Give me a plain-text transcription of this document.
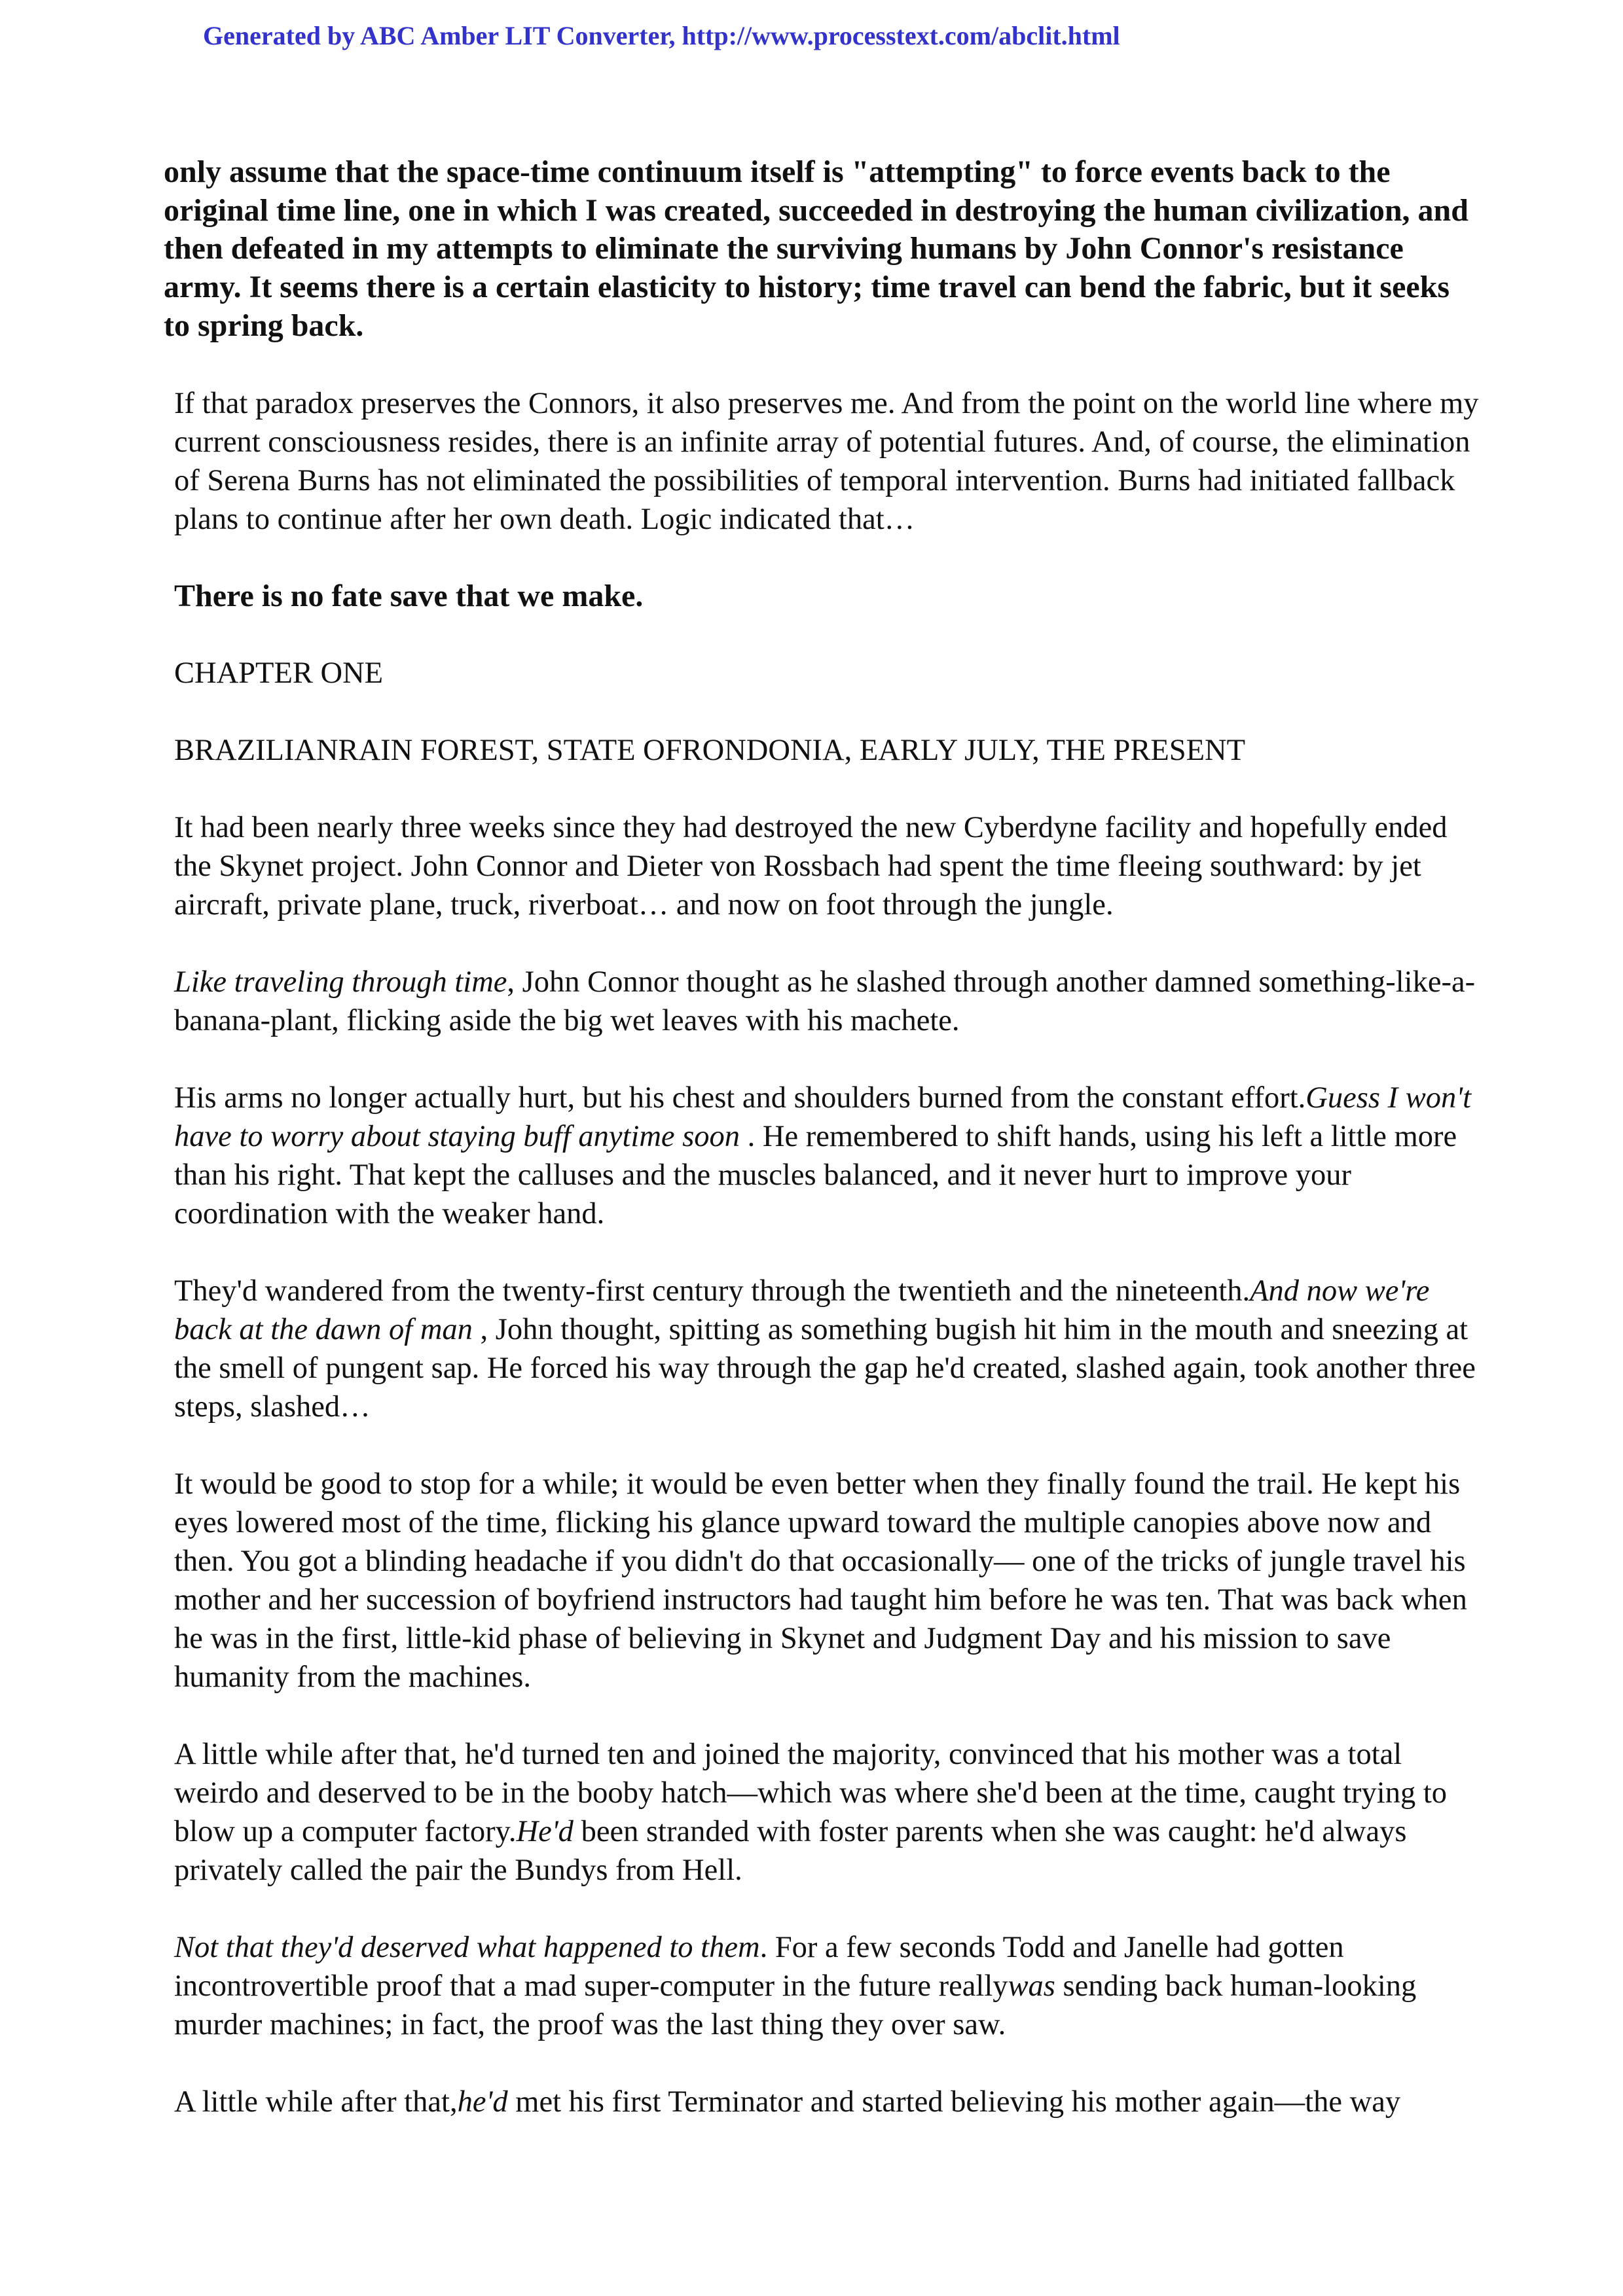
Generated by ABC Amber LIT Converter, http://www.processtext.com/abclit.html

only assume that the space-time continuum itself is "attempting" to force events back to the original time line, one in which I was created, succeeded in destroying the human civilization, and then defeated in my attempts to eliminate the surviving humans by John Connor's resistance army. It seems there is a certain elasticity to history; time travel can bend the fabric, but it seeks to spring back.

If that paradox preserves the Connors, it also preserves me. And from the point on the world line where my current consciousness resides, there is an infinite array of potential futures. And, of course, the elimination of Serena Burns has not eliminated the possibilities of temporal intervention. Burns had initiated fallback plans to continue after her own death. Logic indicated that…

There is no fate save that we make.

CHAPTER ONE

BRAZILIANRAIN FOREST, STATE OFRONDONIA, EARLY JULY, THE PRESENT

It had been nearly three weeks since they had destroyed the new Cyberdyne facility and hopefully ended the Skynet project. John Connor and Dieter von Rossbach had spent the time fleeing southward: by jet aircraft, private plane, truck, riverboat… and now on foot through the jungle.

Like traveling through time, John Connor thought as he slashed through another damned something-like-a-banana-plant, flicking aside the big wet leaves with his machete.

His arms no longer actually hurt, but his chest and shoulders burned from the constant effort.Guess I won't have to worry about staying buff anytime soon . He remembered to shift hands, using his left a little more than his right. That kept the calluses and the muscles balanced, and it never hurt to improve your coordination with the weaker hand.

They'd wandered from the twenty-first century through the twentieth and the nineteenth.And now we're back at the dawn of man , John thought, spitting as something bugish hit him in the mouth and sneezing at the smell of pungent sap. He forced his way through the gap he'd created, slashed again, took another three steps, slashed…

It would be good to stop for a while; it would be even better when they finally found the trail. He kept his eyes lowered most of the time, flicking his glance upward toward the multiple canopies above now and then. You got a blinding headache if you didn't do that occasionally— one of the tricks of jungle travel his mother and her succession of boyfriend instructors had taught him before he was ten. That was back when he was in the first, little-kid phase of believing in Skynet and Judgment Day and his mission to save humanity from the machines.

A little while after that, he'd turned ten and joined the majority, convinced that his mother was a total weirdo and deserved to be in the booby hatch—which was where she'd been at the time, caught trying to blow up a computer factory.He'd been stranded with foster parents when she was caught: he'd always privately called the pair the Bundys from Hell.

Not that they'd deserved what happened to them. For a few seconds Todd and Janelle had gotten incontrovertible proof that a mad super-computer in the future reallywas sending back human-looking murder machines; in fact, the proof was the last thing they over saw.

A little while after that,he'd met his first Terminator and started believing his mother again—the way
